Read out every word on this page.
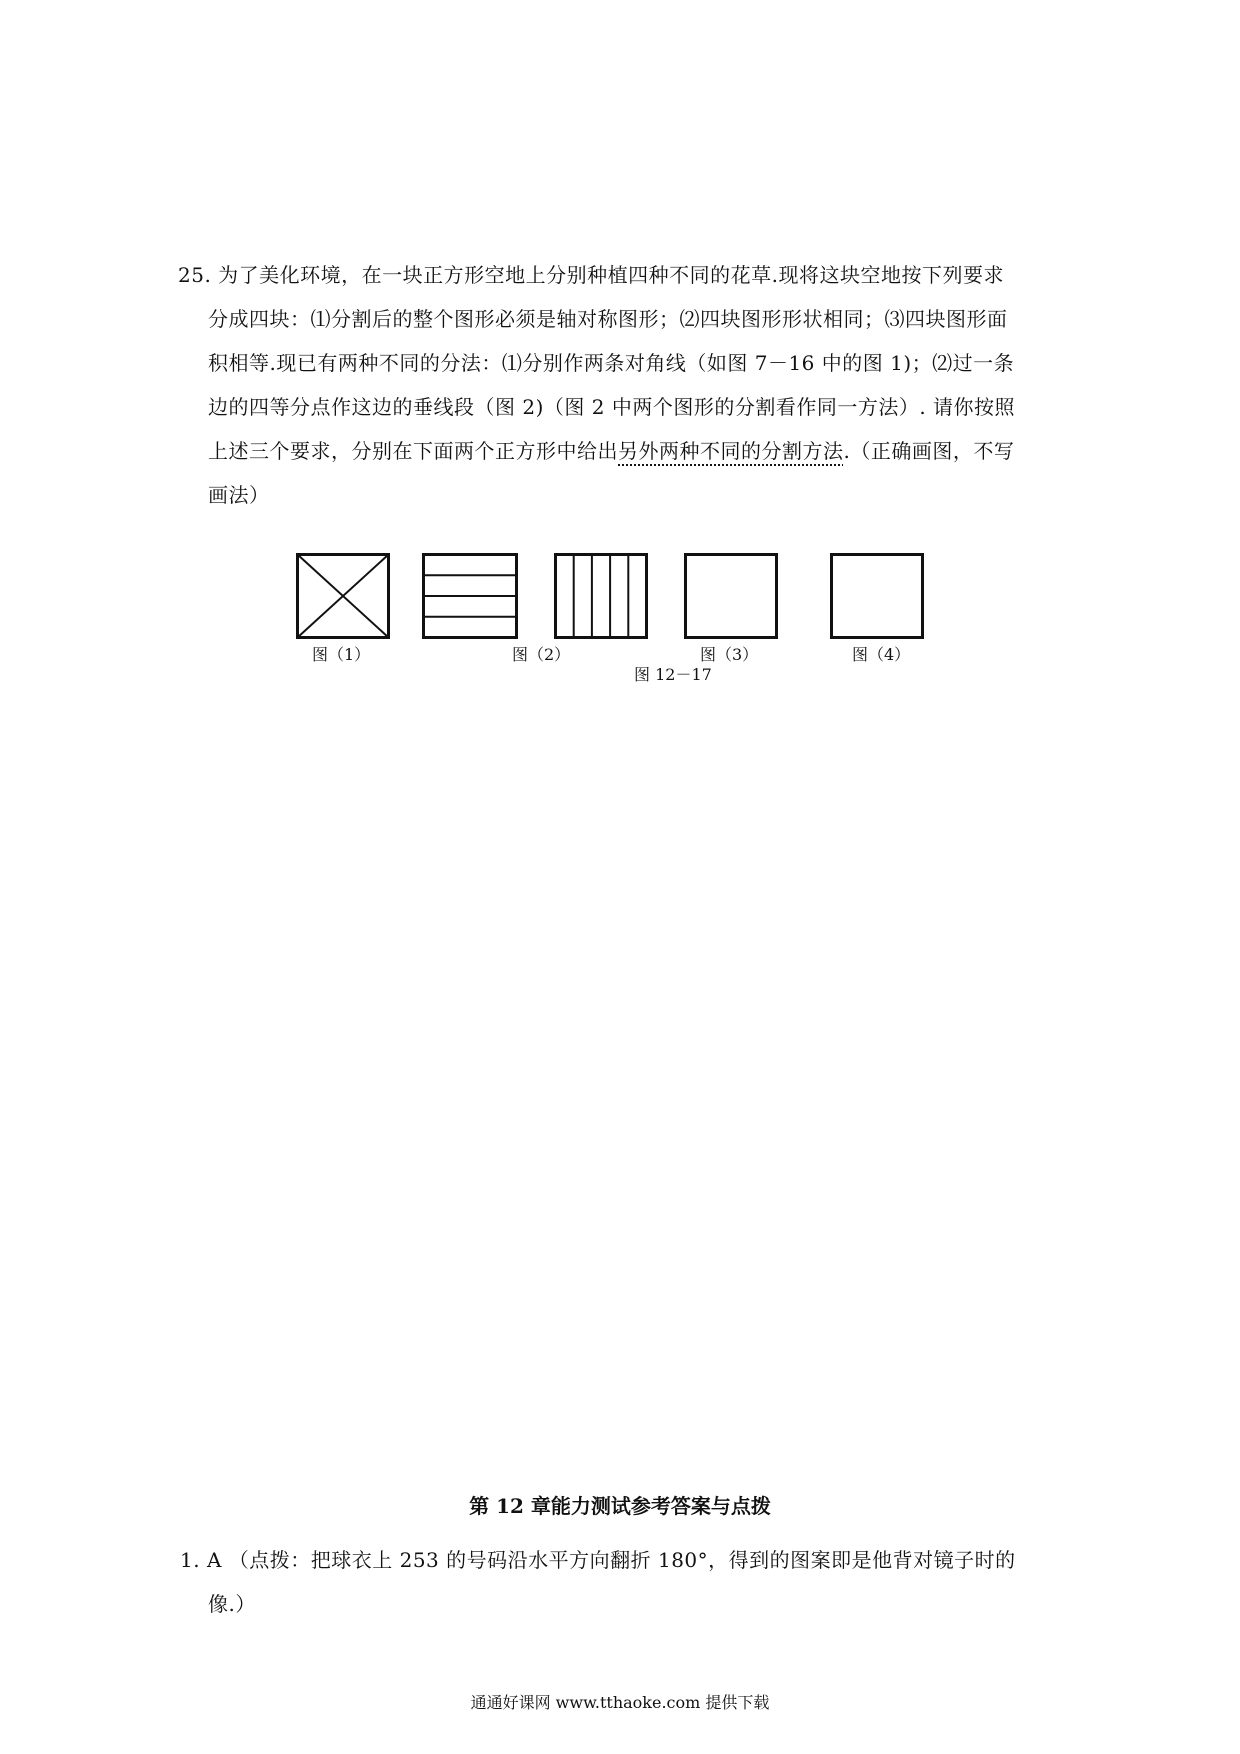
25. 为了美化环境，在一块正方形空地上分别种植四种不同的花草.现将这块空地按下列要求

分成四块：⑴分割后的整个图形必须是轴对称图形；⑵四块图形形状相同；⑶四块图形面

积相等.现已有两种不同的分法：⑴分别作两条对角线（如图 7－16 中的图 1)；⑵过一条

边的四等分点作这边的垂线段（图 2)（图 2 中两个图形的分割看作同一方法）. 请你按照

上述三个要求，分别在下面两个正方形中给出另外两种不同的分割方法.（正确画图，不写

画法）

图（1）	图（2）	图（3）	图（4）
图 12－17
第 12 章能力测试参考答案与点拨

1. A （点拨：把球衣上 253 的号码沿水平方向翻折 180°，得到的图案即是他背对镜子时的

像.）

通通好课网 www.tthaoke.com 提供下载
